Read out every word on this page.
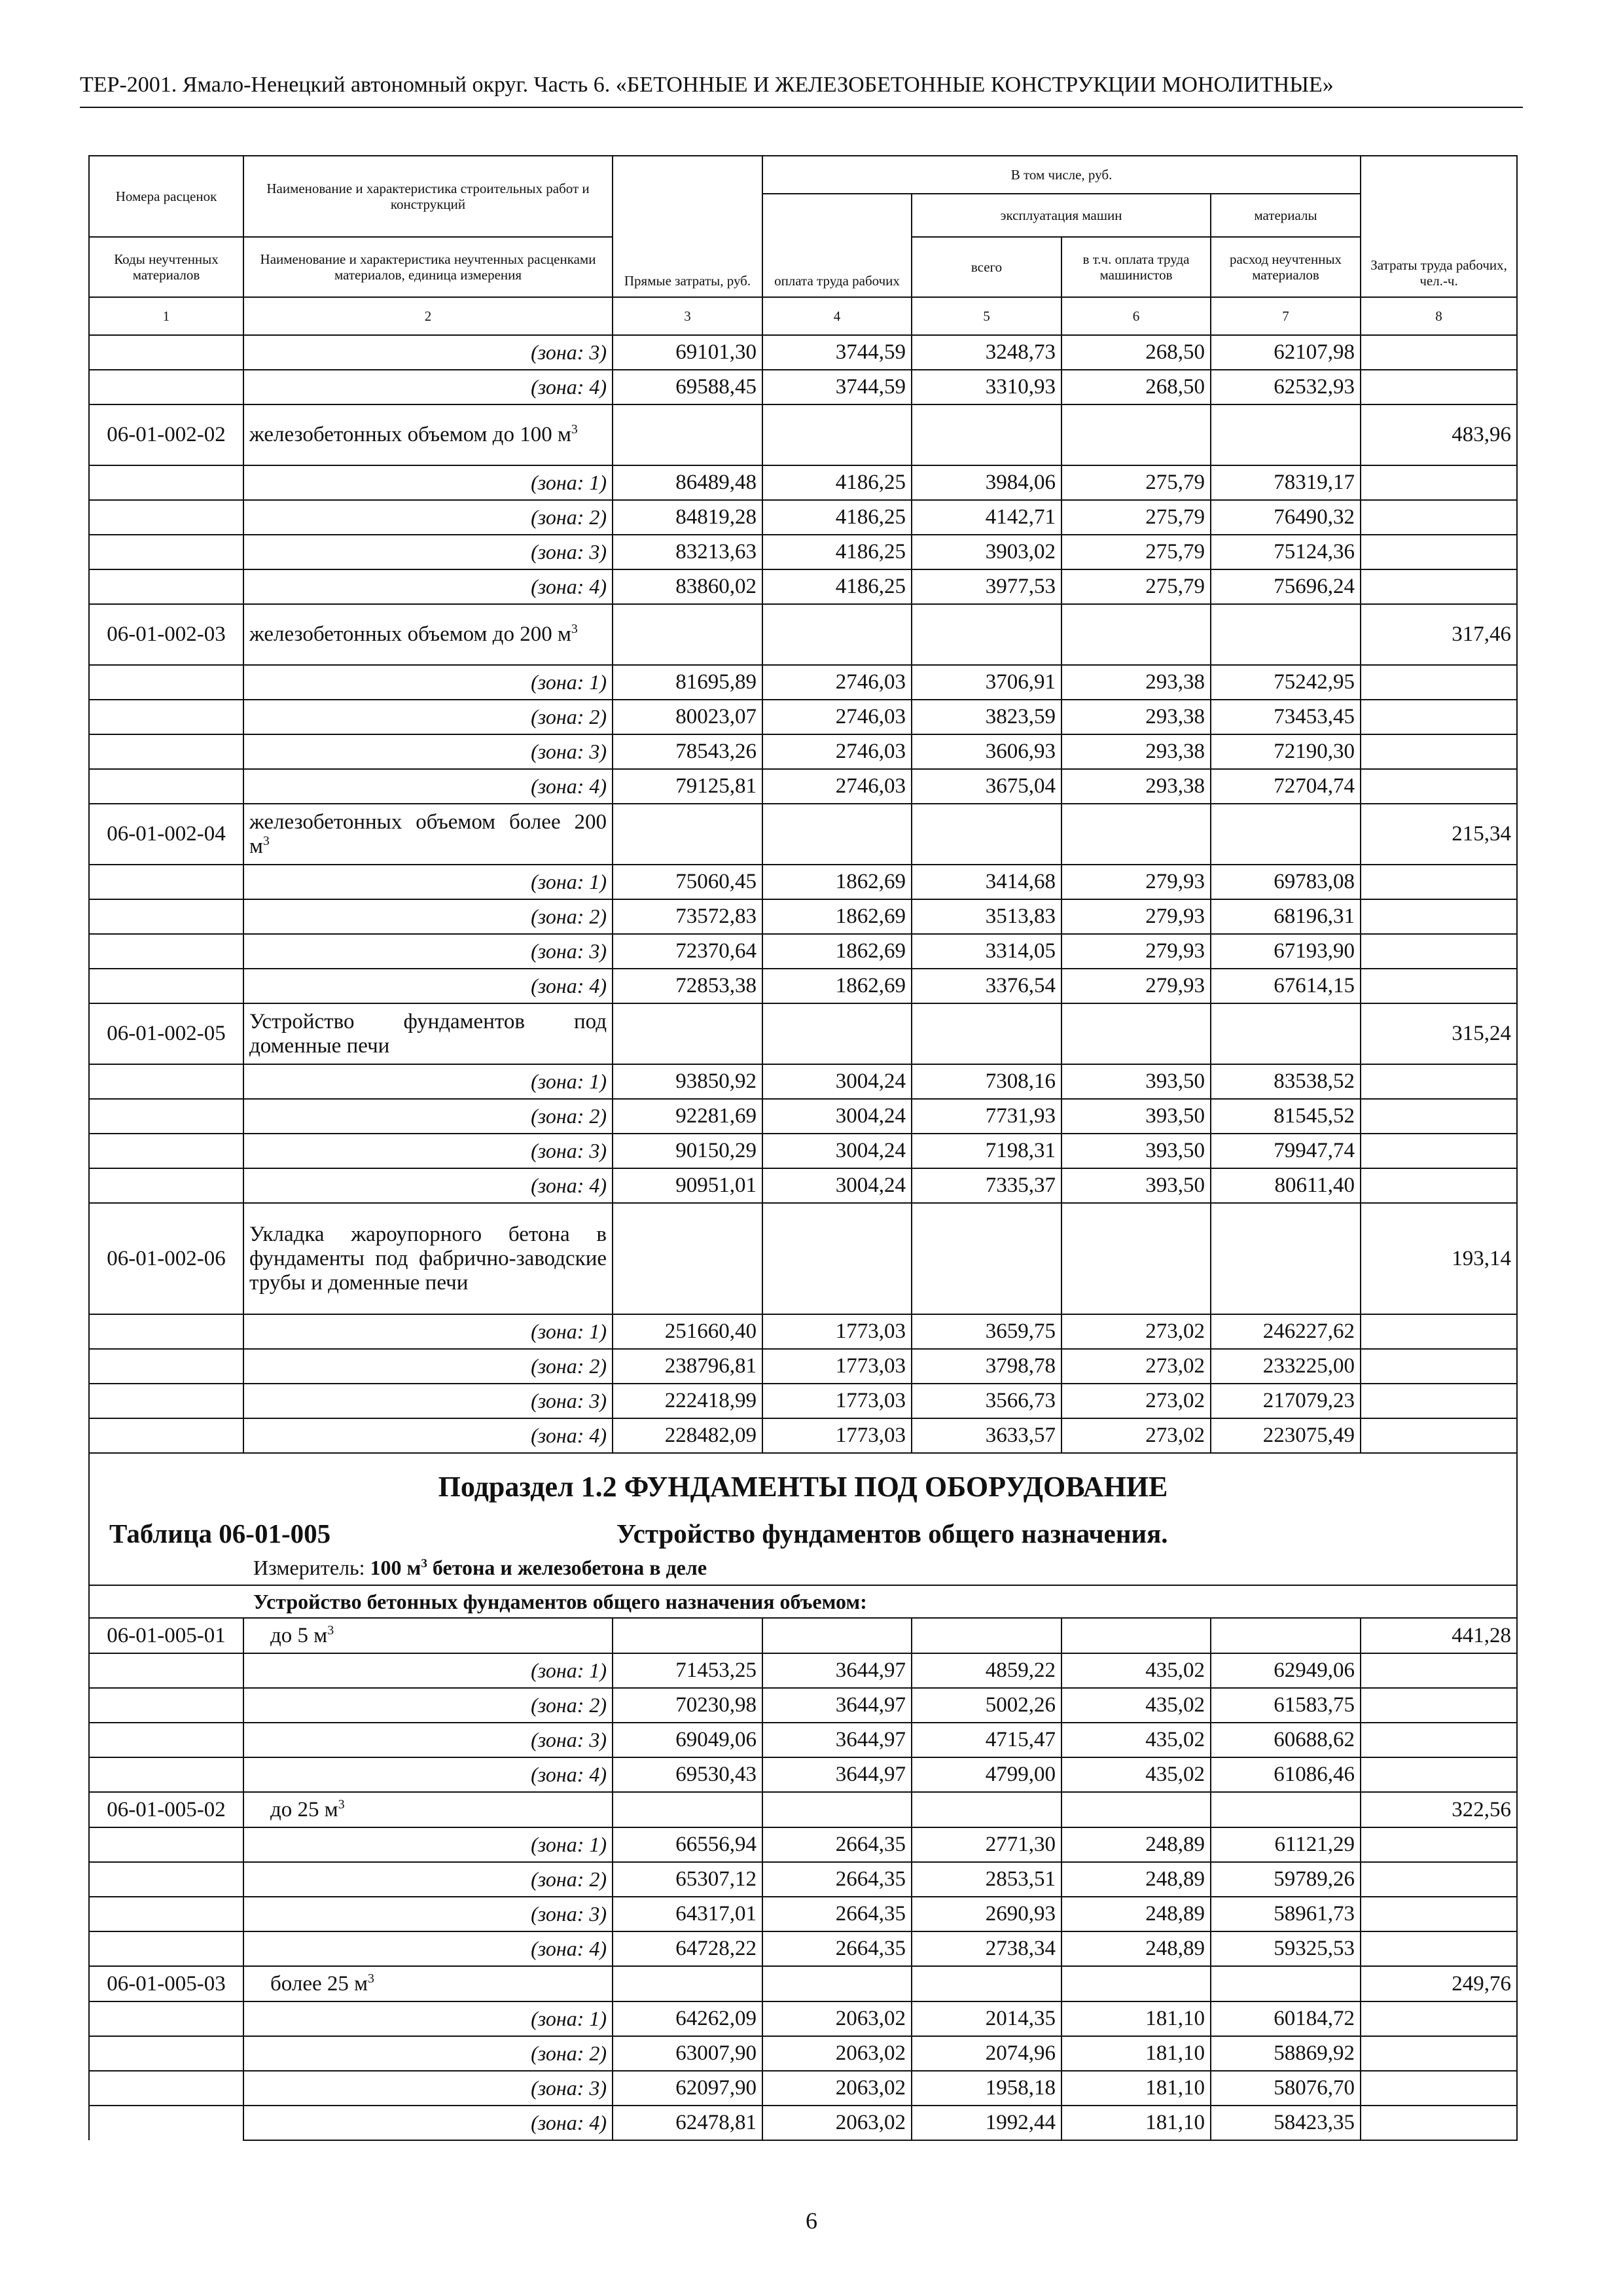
ТЕР-2001. Ямало-Ненецкий автономный округ. Часть 6. «БЕТОННЫЕ И ЖЕЛЕЗОБЕТОННЫЕ КОНСТРУКЦИИ МОНОЛИТНЫЕ»
Номера расценок	Наименование и характеристика строительных работ и конструкций	Прямые затраты, руб.	В том числе, руб.				Затраты труда рабочих, чел.-ч.
			оплата труда рабочих	эксплуатация машин		материалы	
Коды неучтенных материалов	Наименование и характеристика неучтенных расценками материалов, единица измерения			всего	в т.ч. оплата труда машинистов	расход неучтенных материалов	

1	2	3	4	5	6	7	8
	(зона: 3)	69101,30	3744,59	3248,73	268,50	62107,98	
	(зона: 4)	69588,45	3744,59	3310,93	268,50	62532,93	
06-01-002-02	железобетонных объемом до 100 $м^3$						483,96
	(зона: 1)	86489,48	4186,25	3984,06	275,79	78319,17	
	(зона: 2)	84819,28	4186,25	4142,71	275,79	76490,32	
	(зона: 3)	83213,63	4186,25	3903,02	275,79	75124,36	
	(зона: 4)	83860,02	4186,25	3977,53	275,79	75696,24	
06-01-002-03	железобетонных объемом до 200 $м^3$						317,46
	(зона: 1)	81695,89	2746,03	3706,91	293,38	75242,95	
	(зона: 2)	80023,07	2746,03	3823,59	293,38	73453,45	
	(зона: 3)	78543,26	2746,03	3606,93	293,38	72190,30	
	(зона: 4)	79125,81	2746,03	3675,04	293,38	72704,74	
06-01-002-04	железобетонных объемом более 200 $м^3$						215,34
	(зона: 1)	75060,45	1862,69	3414,68	279,93	69783,08	
	(зона: 2)	73572,83	1862,69	3513,83	279,93	68196,31	
	(зона: 3)	72370,64	1862,69	3314,05	279,93	67193,90	
	(зона: 4)	72853,38	1862,69	3376,54	279,93	67614,15	
06-01-002-05	Устройство фундаментов под доменные печи						315,24
	(зона: 1)	93850,92	3004,24	7308,16	393,50	83538,52	
	(зона: 2)	92281,69	3004,24	7731,93	393,50	81545,52	
	(зона: 3)	90150,29	3004,24	7198,31	393,50	79947,74	
	(зона: 4)	90951,01	3004,24	7335,37	393,50	80611,40	
06-01-002-06	Укладка жароупорного бетона в фундаменты под фабрично-заводские трубы и доменные печи						193,14
	(зона: 1)	251660,40	1773,03	3659,75	273,02	246227,62	
	(зона: 2)	238796,81	1773,03	3798,78	273,02	233225,00	
	(зона: 3)	222418,99	1773,03	3566,73	273,02	217079,23	
	(зона: 4)	228482,09	1773,03	3633,57	273,02	223075,49	

Подраздел 1.2 ФУНДАМЕНТЫ ПОД ОБОРУДОВАНИЕ
Таблица 06-01-005 Устройство фундаментов общего назначения.
Измеритель: 100 $м^3$ бетона и железобетона в деле							

Устройство бетонных фундаментов общего назначения объемом:							
06-01-005-01	до 5 $м^3$						441,28
	(зона: 1)	71453,25	3644,97	4859,22	435,02	62949,06	
	(зона: 2)	70230,98	3644,97	5002,26	435,02	61583,75	
	(зона: 3)	69049,06	3644,97	4715,47	435,02	60688,62	
	(зона: 4)	69530,43	3644,97	4799,00	435,02	61086,46	
06-01-005-02	до 25 $м^3$						322,56
	(зона: 1)	66556,94	2664,35	2771,30	248,89	61121,29	
	(зона: 2)	65307,12	2664,35	2853,51	248,89	59789,26	
	(зона: 3)	64317,01	2664,35	2690,93	248,89	58961,73	
	(зона: 4)	64728,22	2664,35	2738,34	248,89	59325,53	
06-01-005-03	более 25 $м^3$						249,76
	(зона: 1)	64262,09	2063,02	2014,35	181,10	60184,72	
	(зона: 2)	63007,90	2063,02	2074,96	181,10	58869,92	
	(зона: 3)	62097,90	2063,02	1958,18	181,10	58076,70	
	(зона: 4)	62478,81	2063,02	1992,44	181,10	58423,35	
6
